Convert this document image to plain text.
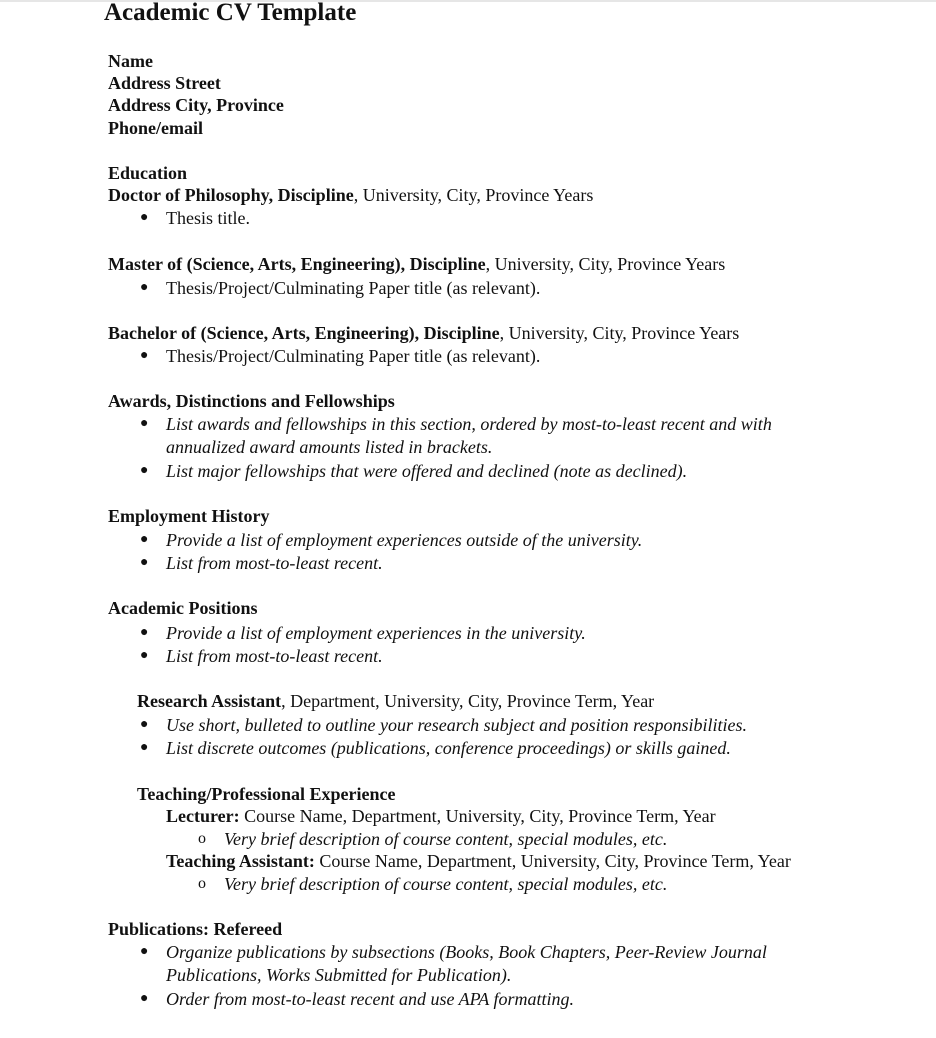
Academic CV Template
Name
Address Street
Address City, Province
Phone/email
Education
Doctor of Philosophy, Discipline, University, City, Province Years
● Thesis title.
Master of (Science, Arts, Engineering), Discipline, University, City, Province Years
● Thesis/Project/Culminating Paper title (as relevant).
Bachelor of (Science, Arts, Engineering), Discipline, University, City, Province Years
● Thesis/Project/Culminating Paper title (as relevant).
Awards, Distinctions and Fellowships
● List awards and fellowships in this section, ordered by most-to-least recent and with
annualized award amounts listed in brackets.
● List major fellowships that were offered and declined (note as declined).
Employment History
● Provide a list of employment experiences outside of the university.
● List from most-to-least recent.
Academic Positions
● Provide a list of employment experiences in the university.
● List from most-to-least recent.
Research Assistant, Department, University, City, Province Term, Year
● Use short, bulleted to outline your research subject and position responsibilities.
● List discrete outcomes (publications, conference proceedings) or skills gained.
Teaching/Professional Experience
Lecturer: Course Name, Department, University, City, Province Term, Year
o Very brief description of course content, special modules, etc.
Teaching Assistant: Course Name, Department, University, City, Province Term, Year
o Very brief description of course content, special modules, etc.
Publications: Refereed
● Organize publications by subsections (Books, Book Chapters, Peer-Review Journal
Publications, Works Submitted for Publication).
● Order from most-to-least recent and use APA formatting.
